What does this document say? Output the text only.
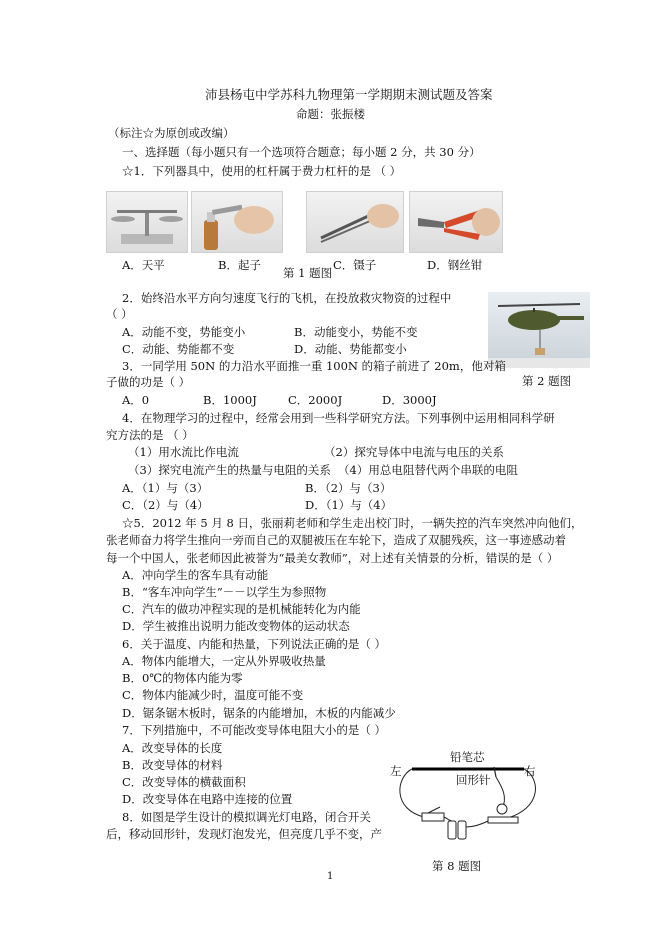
沛县杨屯中学苏科九物理第一学期期末测试题及答案
命题：张振楼
（标注☆为原创或改编）
一、选择题（每小题只有一个选项符合题意；每小题 2 分，共 30 分）
☆1．下列器具中，使用的杠杆属于费力杠杆的是 （ ）
A．天平	B．起子
第 1 题图
C．镊子	D．钢丝钳
2．始终沿水平方向匀速度飞行的飞机，在投放救灾物资的过程中
（ ）
A．动能不变，势能变小	B．动能变小，势能不变
C．动能、势能都不变	D．动能、势能都变小
第 2 题图
3．一同学用 50N 的力沿水平面推一重 100N 的箱子前进了 20m，他对箱
子做的功是（ ）
A．0	B．1000J	C．2000J	D．3000J
4．在物理学习的过程中，经常会用到一些科学研究方法。下列事例中运用相同科学研
究方法的是 （ ）
（1）用水流比作电流	（2）探究导体中电流与电压的关系
（3）探究电流产生的热量与电阻的关系 （4）用总电阻替代两个串联的电阻
A．（1）与（3）	B．（2）与（3）
C．（2）与（4）	D．（1）与（4）
☆5．2012 年 5 月 8 日，张丽莉老师和学生走出校门时，一辆失控的汽车突然冲向他们，
张老师奋力将学生推向一旁而自己的双腿被压在车轮下，造成了双腿残疾，这一事迹感动着
每一个中国人，张老师因此被誉为“最美女教师”，对上述有关情景的分析，错误的是（ ）
A．冲向学生的客车具有动能
B．“客车冲向学生”－－以学生为参照物
C．汽车的做功冲程实现的是机械能转化为内能
D．学生被推出说明力能改变物体的运动状态
6．关于温度、内能和热量，下列说法正确的是（ ）
A．物体内能增大，一定从外界吸收热量
B．0℃的物体内能为零
C．物体内能减少时，温度可能不变
D．锯条锯木板时，锯条的内能增加，木板的内能减少
7．下列措施中，不可能改变导体电阻大小的是（ ）
A．改变导体的长度
B．改变导体的材料
C．改变导体的横截面积
D．改变导体在电路中连接的位置
8．如图是学生设计的模拟调光灯电路，闭合开关
后，移动回形针，发现灯泡发光，但亮度几乎不变，产
铅笔芯
左	右
回形针
第 8 题图
1
